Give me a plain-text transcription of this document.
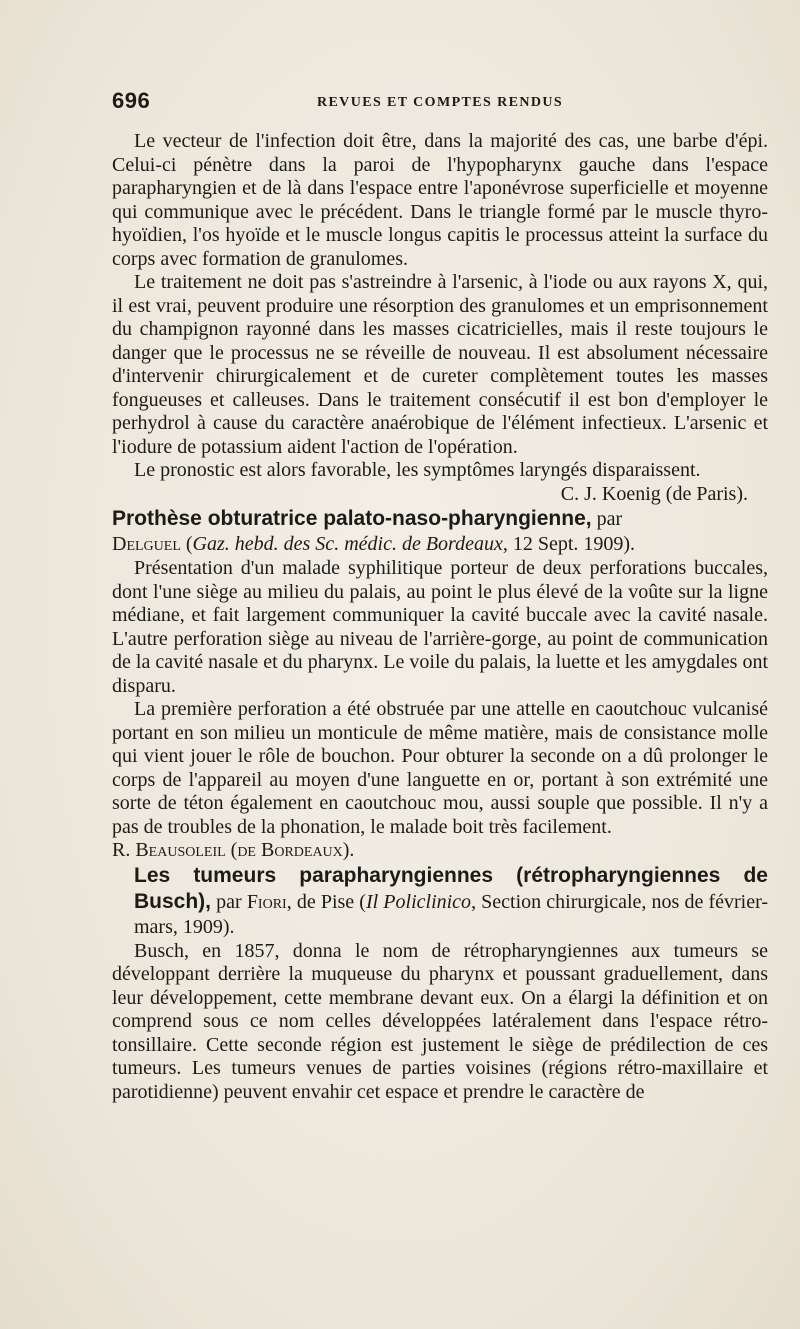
696	REVUES ET COMPTES RENDUS

Le vecteur de l'infection doit être, dans la majorité des cas, une barbe d'épi. Celui-ci pénètre dans la paroi de l'hypopharynx gauche dans l'espace parapharyngien et de là dans l'espace entre l'aponévrose superficielle et moyenne qui communique avec le précédent. Dans le triangle formé par le muscle thyro-hyoïdien, l'os hyoïde et le muscle longus capitis le processus atteint la surface du corps avec formation de granulomes.

Le traitement ne doit pas s'astreindre à l'arsenic, à l'iode ou aux rayons X, qui, il est vrai, peuvent produire une résorption des granulomes et un emprisonnement du champignon rayonné dans les masses cicatricielles, mais il reste toujours le danger que le processus ne se réveille de nouveau. Il est absolument nécessaire d'intervenir chirurgicalement et de cureter complètement toutes les masses fongueuses et calleuses. Dans le traitement consécutif il est bon d'employer le perhydrol à cause du caractère anaérobique de l'élément infectieux. L'arsenic et l'iodure de potassium aident l'action de l'opération.

Le pronostic est alors favorable, les symptômes laryngés disparaissent.
C. J. Koenig (de Paris).

Prothèse obturatrice palato-naso-pharyngienne, par
Delguel (Gaz. hebd. des Sc. médic. de Bordeaux, 12 Sept. 1909).

Présentation d'un malade syphilitique porteur de deux perforations buccales, dont l'une siège au milieu du palais, au point le plus élevé de la voûte sur la ligne médiane, et fait largement communiquer la cavité buccale avec la cavité nasale. L'autre perforation siège au niveau de l'arrière-gorge, au point de communication de la cavité nasale et du pharynx. Le voile du palais, la luette et les amygdales ont disparu.

La première perforation a été obstruée par une attelle en caoutchouc vulcanisé portant en son milieu un monticule de même matière, mais de consistance molle qui vient jouer le rôle de bouchon. Pour obturer la seconde on a dû prolonger le corps de l'appareil au moyen d'une languette en or, portant à son extrémité une sorte de téton également en caoutchouc mou, aussi souple que possible. Il n'y a pas de troubles de la phonation, le malade boit très facilement.

R. Beausoleil (de Bordeaux).

Les tumeurs parapharyngiennes (rétropharyngiennes de Busch), par Fiori, de Pise (Il Policlinico, Section chirurgicale, nos de février-mars, 1909).

Busch, en 1857, donna le nom de rétropharyngiennes aux tumeurs se développant derrière la muqueuse du pharynx et poussant graduellement, dans leur développement, cette membrane devant eux. On a élargi la définition et on comprend sous ce nom celles développées latéralement dans l'espace rétro-tonsillaire. Cette seconde région est justement le siège de prédilection de ces tumeurs. Les tumeurs venues de parties voisines (régions rétro-maxillaire et parotidienne) peuvent envahir cet espace et prendre le caractère de
